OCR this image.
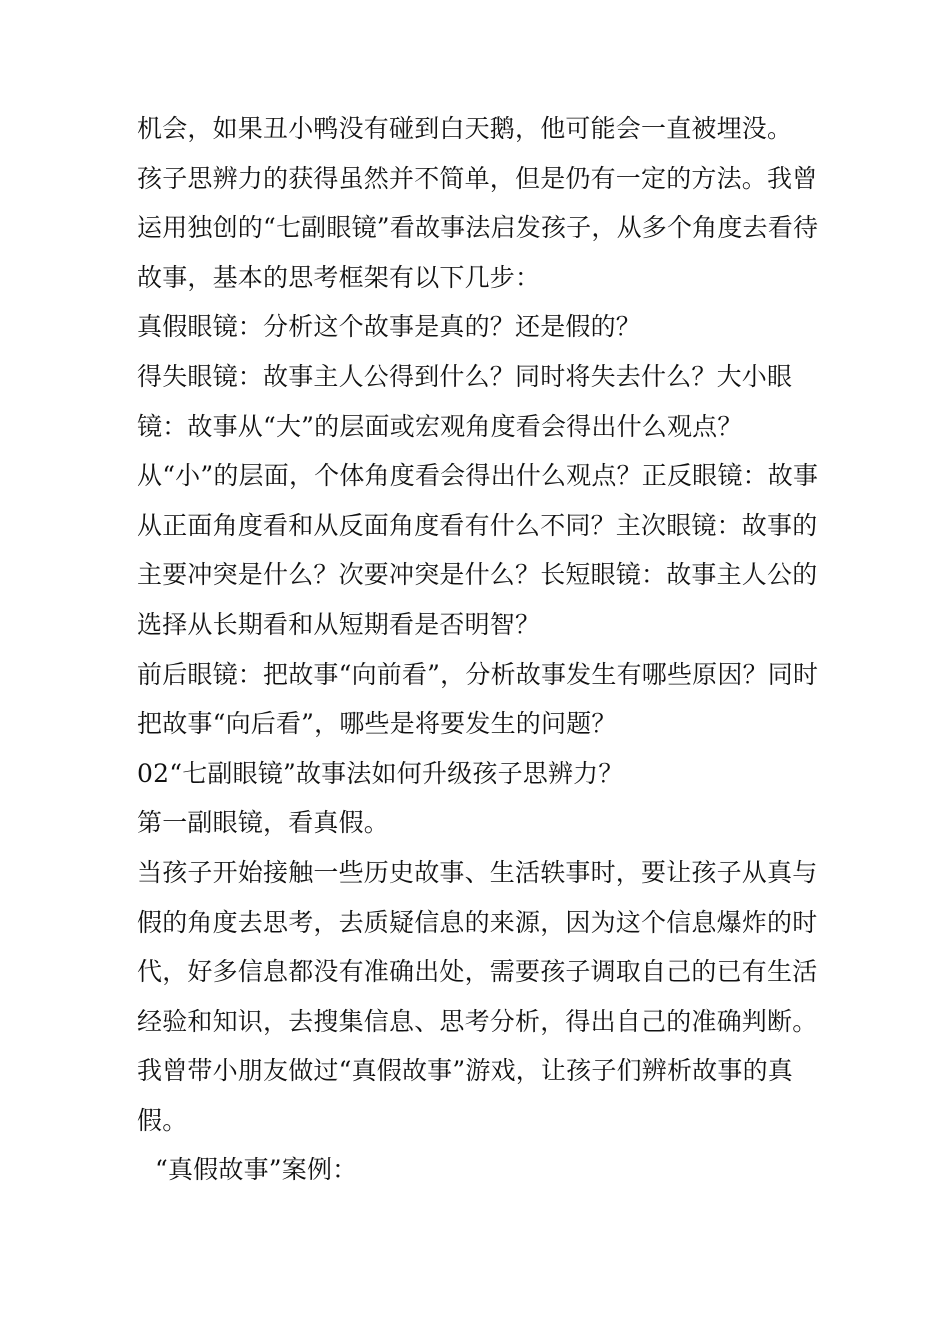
机会，如果丑小鸭没有碰到白天鹅，他可能会一直被埋没。

孩子思辨力的获得虽然并不简单，但是仍有一定的方法。我曾运用独创的“七副眼镜”看故事法启发孩子，从多个角度去看待故事，基本的思考框架有以下几步：

真假眼镜：分析这个故事是真的？还是假的？

得失眼镜：故事主人公得到什么？同时将失去什么？大小眼镜：故事从“大”的层面或宏观角度看会得出什么观点？从“小”的层面，个体角度看会得出什么观点？正反眼镜：故事从正面角度看和从反面角度看有什么不同？主次眼镜：故事的主要冲突是什么？次要冲突是什么？长短眼镜：故事主人公的选择从长期看和从短期看是否明智？

前后眼镜：把故事“向前看”，分析故事发生有哪些原因？同时把故事“向后看”，哪些是将要发生的问题？

02“七副眼镜”故事法如何升级孩子思辨力？

第一副眼镜，看真假。

当孩子开始接触一些历史故事、生活轶事时，要让孩子从真与假的角度去思考，去质疑信息的来源，因为这个信息爆炸的时代，好多信息都没有准确出处，需要孩子调取自己的已有生活经验和知识，去搜集信息、思考分析，得出自己的准确判断。我曾带小朋友做过“真假故事”游戏，让孩子们辨析故事的真假。

“真假故事”案例：
